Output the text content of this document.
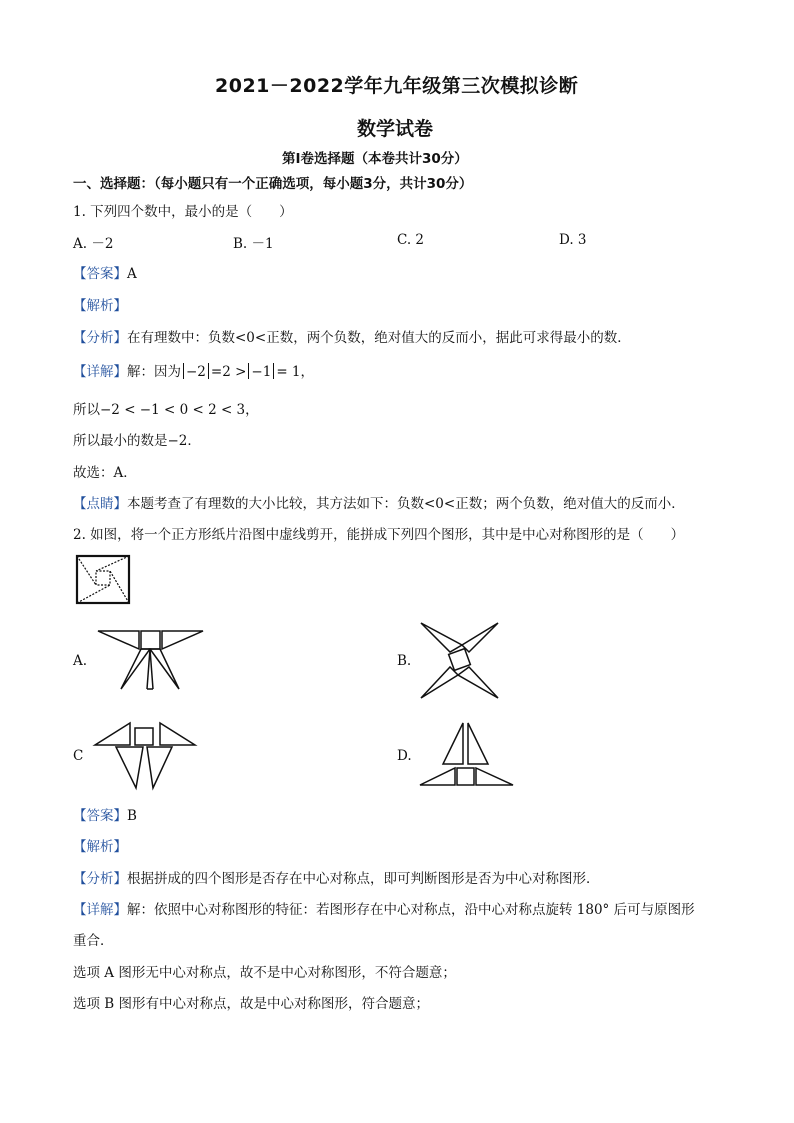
2021－2022学年九年级第三次模拟诊断
数学试卷
第Ⅰ卷选择题（本卷共计30分）
一、选择题：（每小题只有一个正确选项，每小题3分，共计30分）
1. 下列四个数中，最小的是（　　）
A. －2	B. －1	C. 2	D. 3
【答案】A
【解析】
【分析】在有理数中：负数<0<正数，两个负数，绝对值大的反而小，据此可求得最小的数．
【详解】解：因为 −2 =2 > −1 = 1，
所以−2 < −1 < 0 < 2 < 3，
所以最小的数是−2．
故选：A．
【点睛】本题考查了有理数的大小比较，其方法如下：负数<0<正数；两个负数，绝对值大的反而小．
2. 如图，将一个正方形纸片沿图中虚线剪开，能拼成下列四个图形，其中是中心对称图形的是（　　）
A.	B.
C	D.
【答案】B
【解析】
【分析】根据拼成的四个图形是否存在中心对称点，即可判断图形是否为中心对称图形．
【详解】解：依照中心对称图形的特征：若图形存在中心对称点，沿中心对称点旋转 180° 后可与原图形
重合．
选项 A 图形无中心对称点，故不是中心对称图形，不符合题意；
选项 B 图形有中心对称点，故是中心对称图形，符合题意；
